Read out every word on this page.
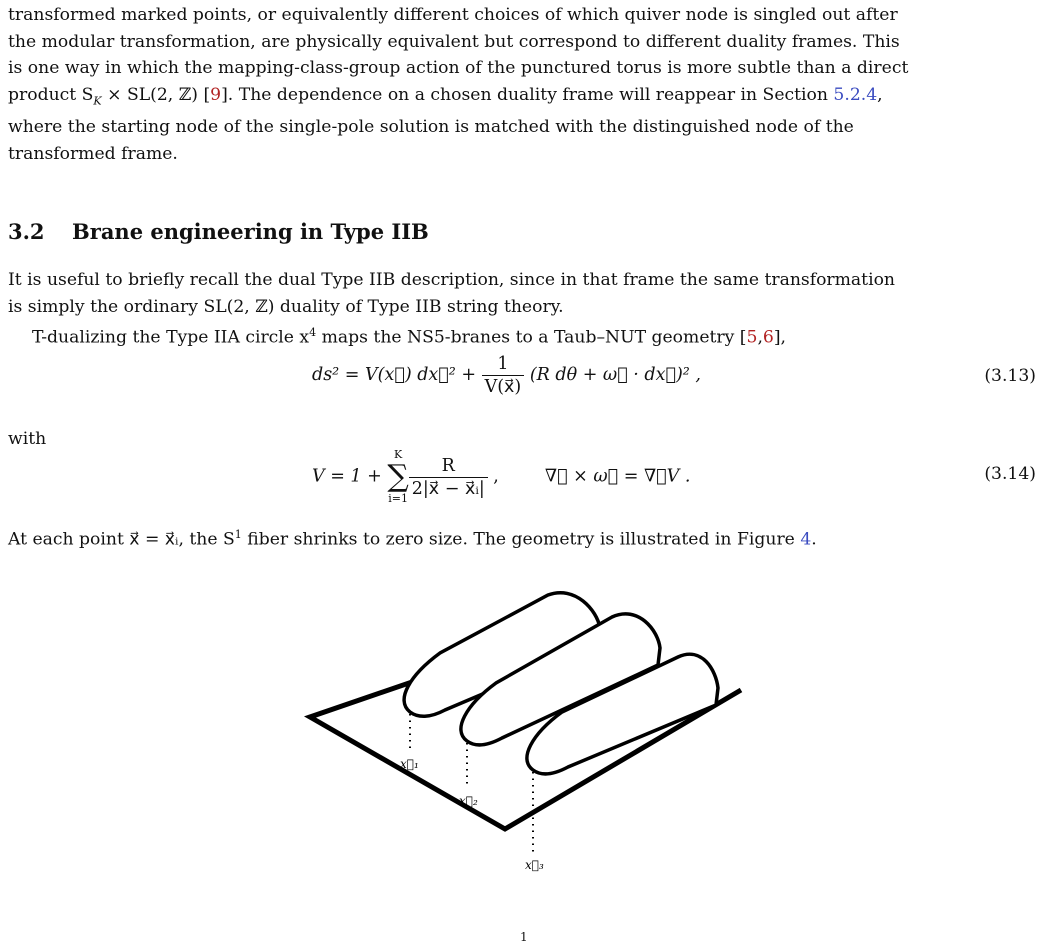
transformed marked points, or equivalently different choices of which quiver node is singled out after
the modular transformation, are physically equivalent but correspond to different duality frames. This
is one way in which the mapping-class-group action of the punctured torus is more subtle than a direct
product $S_K \times SL(2$, ℤ) [9]. The dependence on a chosen duality frame will reappear in Section 5.2.4,
where the starting node of the single-pole solution is matched with the distinguished node of the
transformed frame.
3.2 Brane engineering in Type IIB
It is useful to briefly recall the dual Type IIB description, since in that frame the same transformation
is simply the ordinary SL(2, ℤ) duality of Type IIB string theory.
T-dualizing the Type IIA circle $x^4$ maps the NS5-branes to a Taub–NUT geometry [5,6],
ds² = V(x⃗) dx⃗² + $\frac{1}{V(x⃗)} (R$ dθ + ω⃗ · dx⃗)² ,	(3.13)
with
V = 1 +
K
∑
$i=1 \frac{R}{\text{2|x⃗ − x⃗ᵢ|}}$ ,	∇⃗ × ω⃗ = ∇⃗V .	(3.14)
At each point x⃗ = x⃗ᵢ, the $S^1$ fiber shrinks to zero size. The geometry is illustrated in Figure 4.
x⃗₁
x⃗₂
x⃗₃
1
